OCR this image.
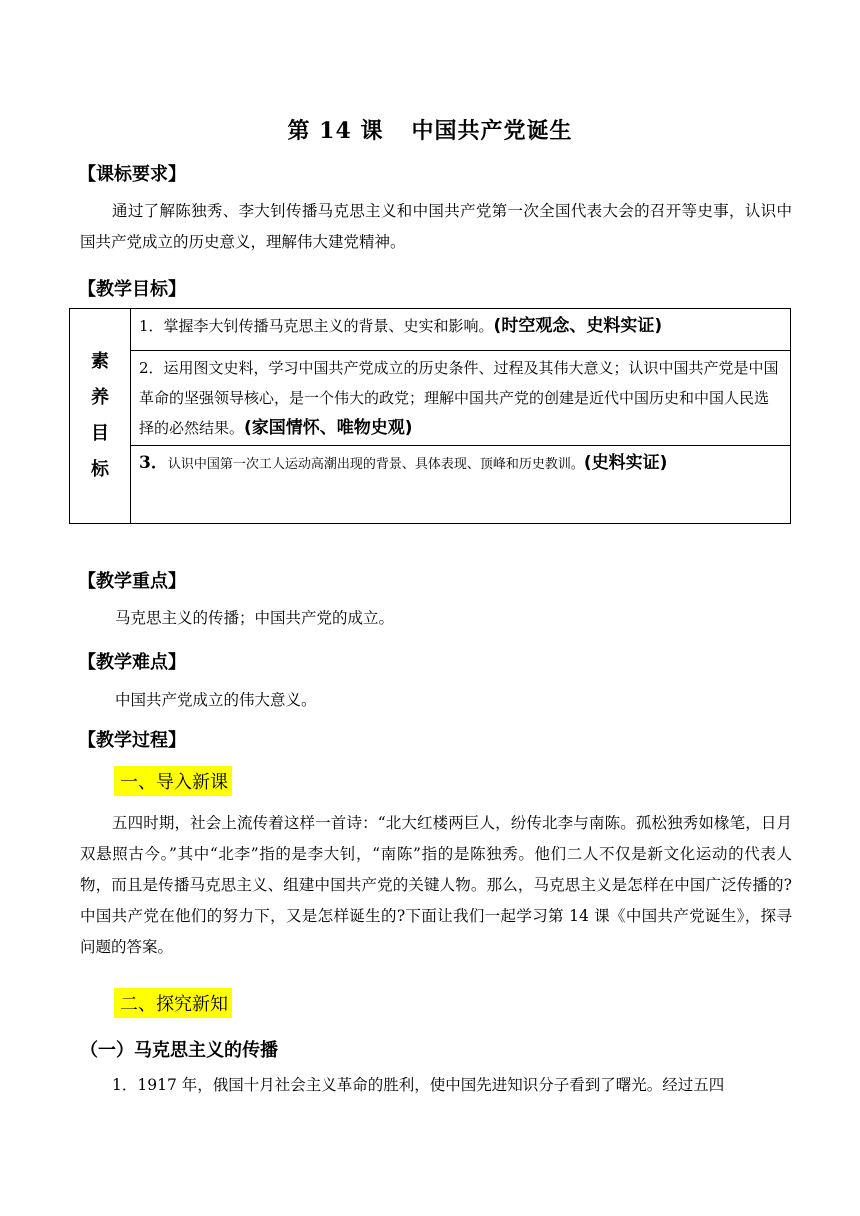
第 14 课 中国共产党诞生
【课标要求】
通过了解陈独秀、李大钊传播马克思主义和中国共产党第一次全国代表大会的召开等史事，认识中国共产党成立的历史意义，理解伟大建党精神。
【教学目标】
素
养
目
标
	1．掌握李大钊传播马克思主义的背景、史实和影响。(时空观念、史料实证)
2．运用图文史料，学习中国共产党成立的历史条件、过程及其伟大意义；认识中国共产党是中国革命的坚强领导核心，是一个伟大的政党；理解中国共产党的创建是近代中国历史和中国人民选择的必然结果。(家国情怀、唯物史观)
3．认识中国第一次工人运动高潮出现的背景、具体表现、顶峰和历史教训。(史料实证)
【教学重点】
马克思主义的传播；中国共产党的成立。
【教学难点】
中国共产党成立的伟大意义。
【教学过程】
一、导入新课
五四时期，社会上流传着这样一首诗：“北大红楼两巨人，纷传北李与南陈。孤松独秀如椽笔，日月双悬照古今。”其中“北李”指的是李大钊，“南陈”指的是陈独秀。他们二人不仅是新文化运动的代表人物，而且是传播马克思主义、组建中国共产党的关键人物。那么，马克思主义是怎样在中国广泛传播的?中国共产党在他们的努力下，又是怎样诞生的?下面让我们一起学习第 14 课《中国共产党诞生》，探寻问题的答案。
二、探究新知
（一）马克思主义的传播
1．1917 年，俄国十月社会主义革命的胜利，使中国先进知识分子看到了曙光。经过五四
